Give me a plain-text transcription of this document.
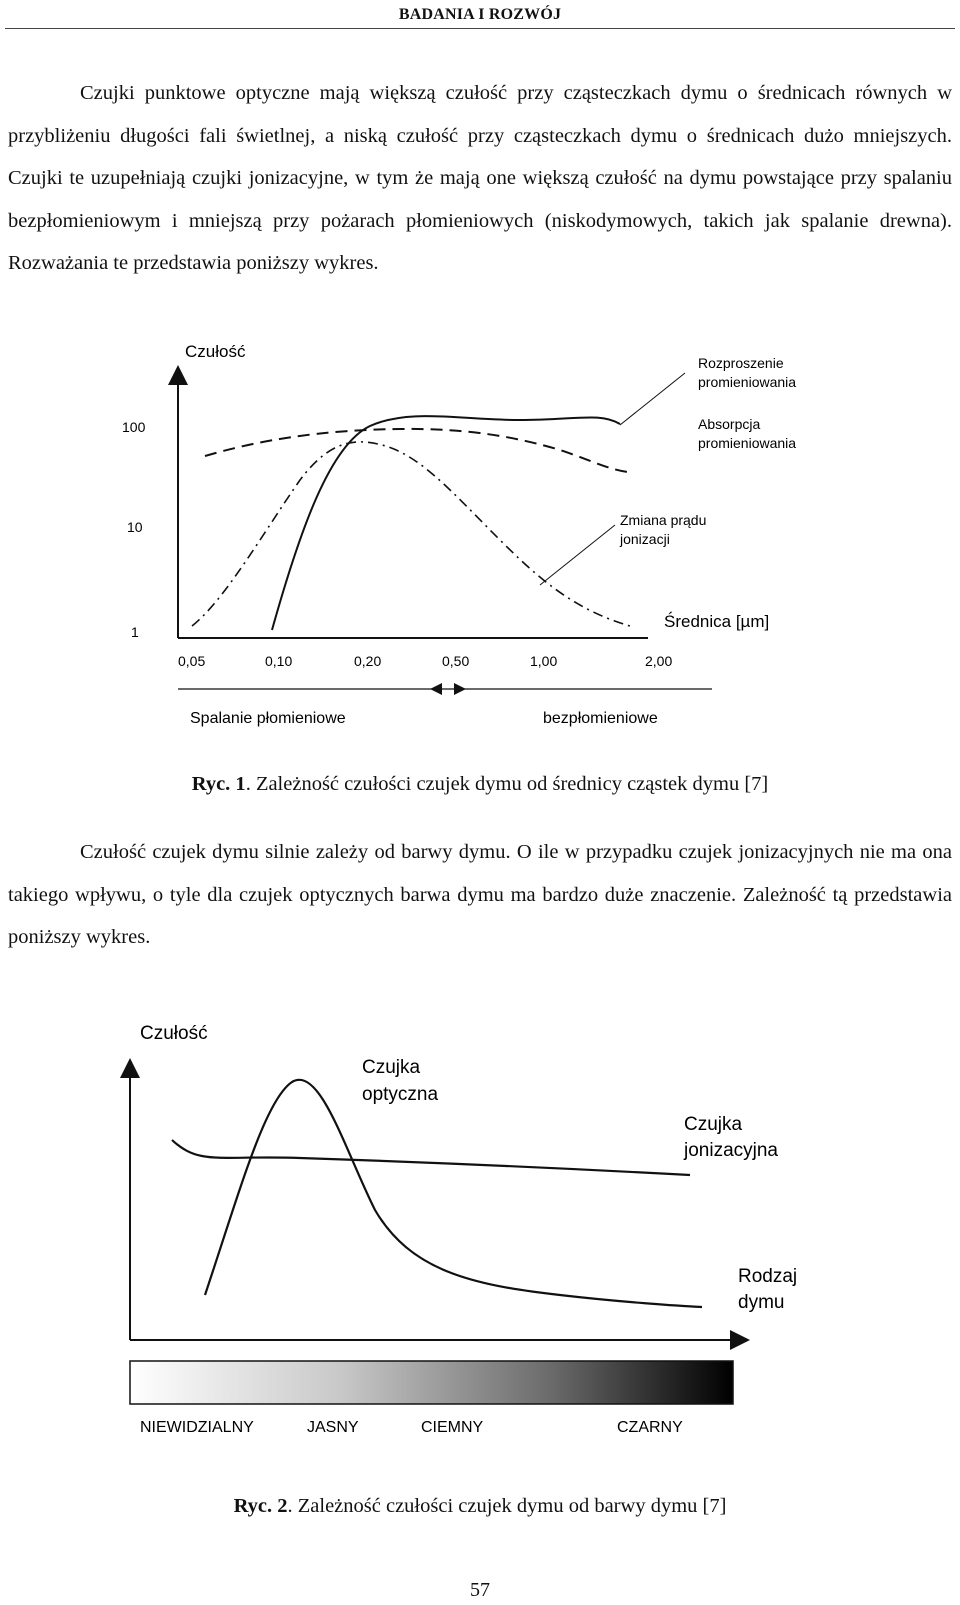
BADANIA I ROZWÓJ
Czujki punktowe optyczne mają większą czułość przy cząsteczkach dymu o średnicach równych w przybliżeniu długości fali świetlnej, a niską czułość przy cząsteczkach dymu o średnicach dużo mniejszych. Czujki te uzupełniają czujki jonizacyjne, w tym że mają one większą czułość na dymu powstające przy spalaniu bezpłomieniowym i mniejszą przy pożarach płomieniowych (niskodymowych, takich jak spalanie drewna). Rozważania te przedstawia poniższy wykres.
Czułość
Średnica [µm]
100
10
1
0,05	0,10	0,20	0,50	1,00	2,00
Rozproszenie promieniowania
Absorpcja promieniowania
Zmiana prądu jonizacji
Spalanie płomieniowe	bezpłomieniowe
Ryc. 1. Zależność czułości czujek dymu od średnicy cząstek dymu [7]
Czułość czujek dymu silnie zależy od barwy dymu. O ile w przypadku czujek jonizacyjnych nie ma ona takiego wpływu, o tyle dla czujek optycznych barwa dymu ma bardzo duże znaczenie. Zależność tą przedstawia poniższy wykres.
Czułość
Rodzaj dymu
Czujka optyczna
Czujka jonizacyjna
NIEWIDZIALNY	JASNY	CIEMNY	CZARNY
Ryc. 2. Zależność czułości czujek dymu od barwy dymu [7]
57
